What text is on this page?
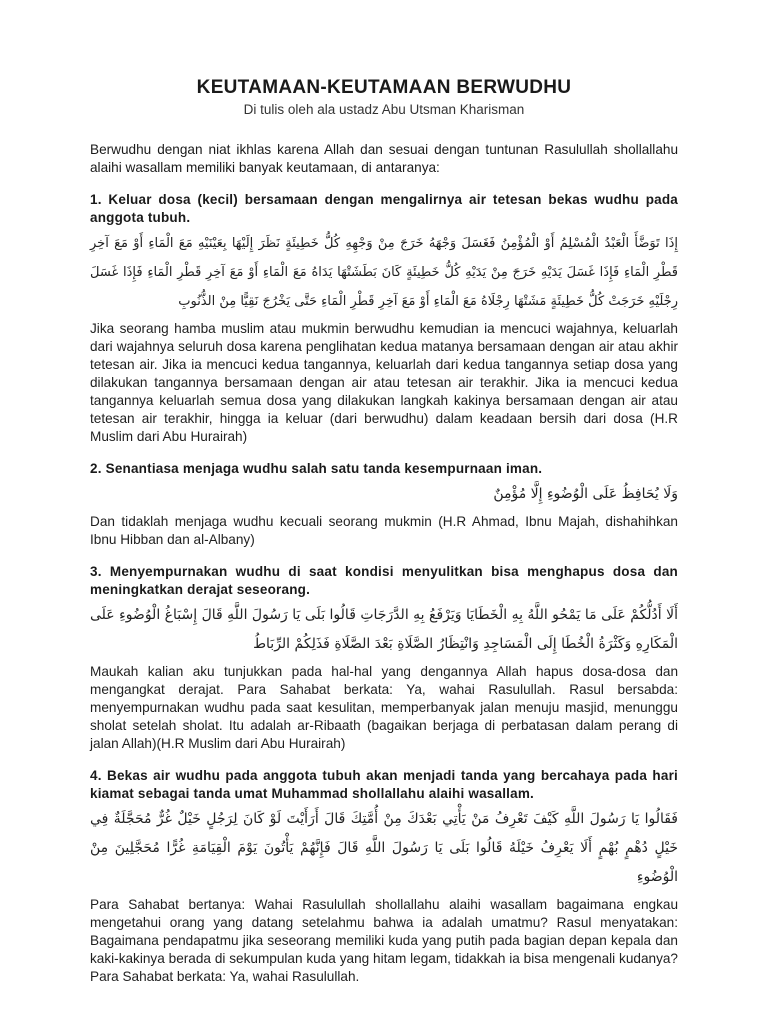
KEUTAMAAN-KEUTAMAAN BERWUDHU
Di tulis oleh ala ustadz Abu Utsman Kharisman

Berwudhu dengan niat ikhlas karena Allah dan sesuai dengan tuntunan Rasulullah shollallahu alaihi wasallam memiliki banyak keutamaan, di antaranya:

1. Keluar dosa (kecil) bersamaan dengan mengalirnya air tetesan bekas wudhu pada anggota tubuh.
إِذَا تَوَضَّأَ الْعَبْدُ الْمُسْلِمُ أَوْ الْمُؤْمِنُ فَغَسَلَ وَجْهَهُ خَرَجَ مِنْ وَجْهِهِ كُلُّ خَطِيئَةٍ نَظَرَ إِلَيْهَا بِعَيْنَيْهِ مَعَ الْمَاءِ أَوْ مَعَ آخِرِ قَطْرِ الْمَاءِ فَإِذَا غَسَلَ يَدَيْهِ خَرَجَ مِنْ يَدَيْهِ كُلُّ خَطِيئَةٍ كَانَ بَطَشَتْهَا يَدَاهُ مَعَ الْمَاءِ أَوْ مَعَ آخِرِ قَطْرِ الْمَاءِ فَإِذَا غَسَلَ رِجْلَيْهِ خَرَجَتْ كُلُّ خَطِيئَةٍ مَشَتْهَا رِجْلَاهُ مَعَ الْمَاءِ أَوْ مَعَ آخِرِ قَطْرِ الْمَاءِ حَتَّى يَخْرُجَ نَقِيًّا مِنْ الذُّنُوبِ
Jika seorang hamba muslim atau mukmin berwudhu kemudian ia mencuci wajahnya, keluarlah dari wajahnya seluruh dosa karena penglihatan kedua matanya bersamaan dengan air atau akhir tetesan air. Jika ia mencuci kedua tangannya, keluarlah dari kedua tangannya setiap dosa yang dilakukan tangannya bersamaan dengan air atau tetesan air terakhir. Jika ia mencuci kedua tangannya keluarlah semua dosa yang dilakukan langkah kakinya bersamaan dengan air atau tetesan air terakhir, hingga ia keluar (dari berwudhu) dalam keadaan bersih dari dosa (H.R Muslim dari Abu Hurairah)
2. Senantiasa menjaga wudhu salah satu tanda kesempurnaan iman.
وَلَا يُحَافِظُ عَلَى الْوُضُوءِ إِلَّا مُؤْمِنٌ
Dan tidaklah menjaga wudhu kecuali seorang mukmin (H.R Ahmad, Ibnu Majah, dishahihkan Ibnu Hibban dan al-Albany)
3. Menyempurnakan wudhu di saat kondisi menyulitkan bisa menghapus dosa dan meningkatkan derajat seseorang.
أَلَا أَدُلُّكُمْ عَلَى مَا يَمْحُو اللَّهُ بِهِ الْخَطَايَا وَيَرْفَعُ بِهِ الدَّرَجَاتِ قَالُوا بَلَى يَا رَسُولَ اللَّهِ قَالَ إِسْبَاغُ الْوُضُوءِ عَلَى الْمَكَارِهِ وَكَثْرَةُ الْخُطَا إِلَى الْمَسَاجِدِ وَانْتِظَارُ الصَّلَاةِ بَعْدَ الصَّلَاةِ فَذَلِكُمْ الرِّبَاطُ
Maukah kalian aku tunjukkan pada hal-hal yang dengannya Allah hapus dosa-dosa dan mengangkat derajat. Para Sahabat berkata: Ya, wahai Rasulullah. Rasul bersabda: menyempurnakan wudhu pada saat kesulitan, memperbanyak jalan menuju masjid, menunggu sholat setelah sholat. Itu adalah ar-Ribaath (bagaikan berjaga di perbatasan dalam perang di jalan Allah)(H.R Muslim dari Abu Hurairah)
4. Bekas air wudhu pada anggota tubuh akan menjadi tanda yang bercahaya pada hari kiamat sebagai tanda umat Muhammad shollallahu alaihi wasallam.
فَقَالُوا يَا رَسُولَ اللَّهِ كَيْفَ تَعْرِفُ مَنْ يَأْتِي بَعْدَكَ مِنْ أُمَّتِكَ قَالَ أَرَأَيْتَ لَوْ كَانَ لِرَجُلٍ خَيْلٌ غُرٌّ مُحَجَّلَةٌ فِي خَيْلٍ دُهْمٍ بُهْمٍ أَلَا يَعْرِفُ خَيْلَهُ قَالُوا بَلَى يَا رَسُولَ اللَّهِ قَالَ فَإِنَّهُمْ يَأْتُونَ يَوْمَ الْقِيَامَةِ غُرًّا مُحَجَّلِينَ مِنْ الْوُضُوءِ
Para Sahabat bertanya: Wahai Rasulullah shollallahu alaihi wasallam bagaimana engkau mengetahui orang yang datang setelahmu bahwa ia adalah umatmu? Rasul menyatakan: Bagaimana pendapatmu jika seseorang memiliki kuda yang putih pada bagian depan kepala dan kaki-kakinya berada di sekumpulan kuda yang hitam legam, tidakkah ia bisa mengenali kudanya? Para Sahabat berkata: Ya, wahai Rasulullah.
